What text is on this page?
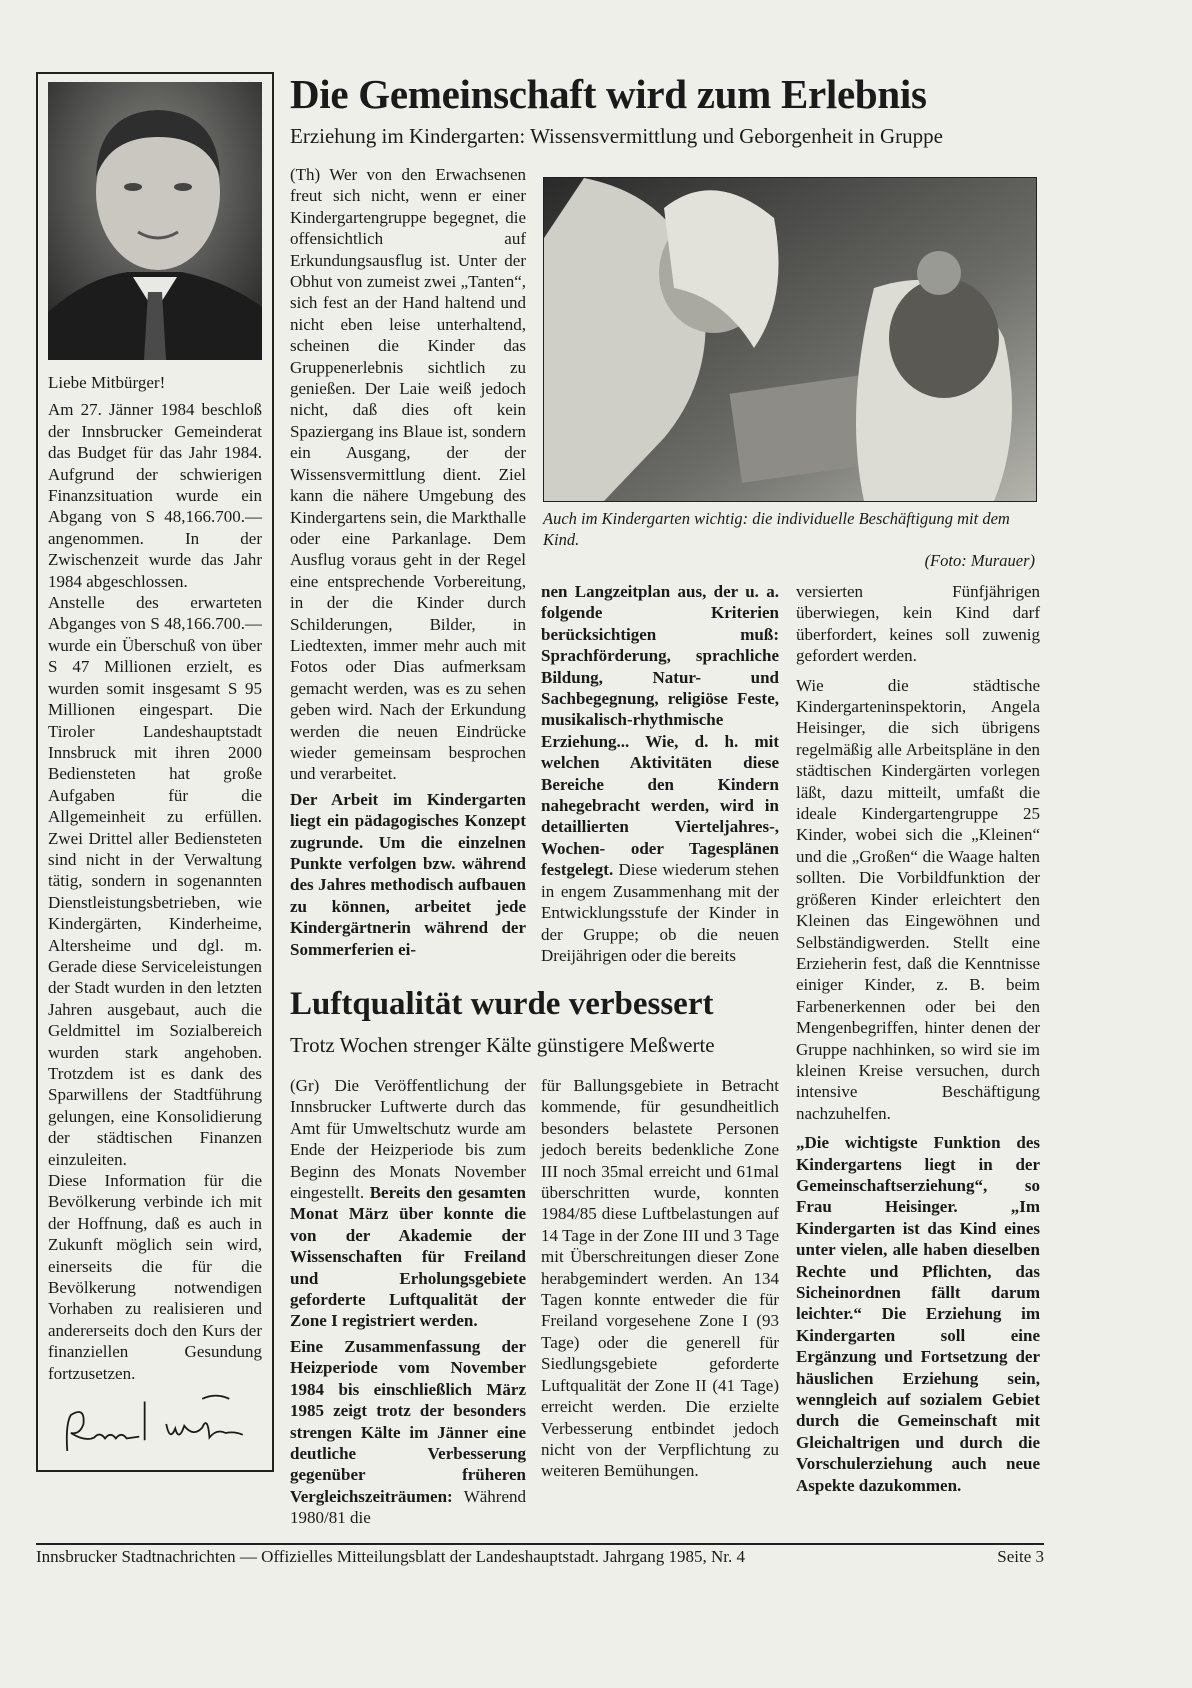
Liebe Mitbürger!

Am 27. Jänner 1984 beschloß der Innsbrucker Gemeinderat das Budget für das Jahr 1984. Aufgrund der schwierigen Finanzsituation wurde ein Abgang von S 48,166.700.— angenommen. In der Zwischenzeit wurde das Jahr 1984 abgeschlossen.

Anstelle des erwarteten Abganges von S 48,166.700.— wurde ein Überschuß von über S 47 Millionen erzielt, es wurden somit insgesamt S 95 Millionen eingespart. Die Tiroler Landeshauptstadt Innsbruck mit ihren 2000 Bediensteten hat große Aufgaben für die Allgemeinheit zu erfüllen. Zwei Drittel aller Bediensteten sind nicht in der Verwaltung tätig, sondern in sogenannten Dienstleistungsbetrieben, wie Kindergärten, Kinderheime, Altersheime und dgl. m. Gerade diese Serviceleistungen der Stadt wurden in den letzten Jahren ausgebaut, auch die Geldmittel im Sozialbereich wurden stark angehoben. Trotzdem ist es dank des Sparwillens der Stadtführung gelungen, eine Konsolidierung der städtischen Finanzen einzuleiten.

Diese Information für die Bevölkerung verbinde ich mit der Hoffnung, daß es auch in Zukunft möglich sein wird, einerseits die für die Bevölkerung notwendigen Vorhaben zu realisieren und andererseits doch den Kurs der finanziellen Gesundung fortzusetzen.

Die Gemeinschaft wird zum Erlebnis
Erziehung im Kindergarten: Wissensvermittlung und Geborgenheit in Gruppe

(Th) Wer von den Erwachsenen freut sich nicht, wenn er einer Kindergartengruppe begegnet, die offensichtlich auf Erkundungsausflug ist. Unter der Obhut von zumeist zwei „Tanten“, sich fest an der Hand haltend und nicht eben leise unterhaltend, scheinen die Kinder das Gruppenerlebnis sichtlich zu genießen. Der Laie weiß jedoch nicht, daß dies oft kein Spaziergang ins Blaue ist, sondern ein Ausgang, der der Wissensvermittlung dient. Ziel kann die nähere Umgebung des Kindergartens sein, die Markthalle oder eine Parkanlage. Dem Ausflug voraus geht in der Regel eine entsprechende Vorbereitung, in der die Kinder durch Schilderungen, Bilder, in Liedtexten, immer mehr auch mit Fotos oder Dias aufmerksam gemacht werden, was es zu sehen geben wird. Nach der Erkundung werden die neuen Eindrücke wieder gemeinsam besprochen und verarbeitet.

Der Arbeit im Kindergarten liegt ein pädagogisches Konzept zugrunde. Um die einzelnen Punkte verfolgen bzw. während des Jahres methodisch aufbauen zu können, arbeitet jede Kindergärtnerin während der Sommerferien ei-

Auch im Kindergarten wichtig: die individuelle Beschäftigung mit dem Kind.
(Foto: Murauer)

nen Langzeitplan aus, der u. a. folgende Kriterien berücksichtigen muß: Sprachförderung, sprachliche Bildung, Natur- und Sachbegegnung, religiöse Feste, musikalisch-rhythmische Erziehung... Wie, d. h. mit welchen Aktivitäten diese Bereiche den Kindern nahegebracht werden, wird in detaillierten Vierteljahres-, Wochen- oder Tagesplänen festgelegt. Diese wiederum stehen in engem Zusammenhang mit der Entwicklungsstufe der Kinder in der Gruppe; ob die neuen Dreijährigen oder die bereits

versierten Fünfjährigen überwiegen, kein Kind darf überfordert, keines soll zuwenig gefordert werden.

Wie die städtische Kindergarteninspektorin, Angela Heisinger, die sich übrigens regelmäßig alle Arbeitspläne in den städtischen Kindergärten vorlegen läßt, dazu mitteilt, umfaßt die ideale Kindergartengruppe 25 Kinder, wobei sich die „Kleinen“ und die „Großen“ die Waage halten sollten. Die Vorbildfunktion der größeren Kinder erleichtert den Kleinen das Eingewöhnen und Selbständigwerden. Stellt eine Erzieherin fest, daß die Kenntnisse einiger Kinder, z. B. beim Farbenerkennen oder bei den Mengenbegriffen, hinter denen der Gruppe nachhinken, so wird sie im kleinen Kreise versuchen, durch intensive Beschäftigung nachzuhelfen.

„Die wichtigste Funktion des Kindergartens liegt in der Gemeinschaftserziehung“, so Frau Heisinger. „Im Kindergarten ist das Kind eines unter vielen, alle haben dieselben Rechte und Pflichten, das Sicheinordnen fällt darum leichter.“ Die Erziehung im Kindergarten soll eine Ergänzung und Fortsetzung der häuslichen Erziehung sein, wenngleich auf sozialem Gebiet durch die Gemeinschaft mit Gleichaltrigen und durch die Vorschulerziehung auch neue Aspekte dazukommen.

Luftqualität wurde verbessert
Trotz Wochen strenger Kälte günstigere Meßwerte

(Gr) Die Veröffentlichung der Innsbrucker Luftwerte durch das Amt für Umweltschutz wurde am Ende der Heizperiode bis zum Beginn des Monats November eingestellt. Bereits den gesamten Monat März über konnte die von der Akademie der Wissenschaften für Freiland und Erholungsgebiete geforderte Luftqualität der Zone I registriert werden.

Eine Zusammenfassung der Heizperiode vom November 1984 bis einschließlich März 1985 zeigt trotz der besonders strengen Kälte im Jänner eine deutliche Verbesserung gegenüber früheren Vergleichszeiträumen: Während 1980/81 die

für Ballungsgebiete in Betracht kommende, für gesundheitlich besonders belastete Personen jedoch bereits bedenkliche Zone III noch 35mal erreicht und 61mal überschritten wurde, konnten 1984/85 diese Luftbelastungen auf 14 Tage in der Zone III und 3 Tage mit Überschreitungen dieser Zone herabgemindert werden. An 134 Tagen konnte entweder die für Freiland vorgesehene Zone I (93 Tage) oder die generell für Siedlungsgebiete geforderte Luftqualität der Zone II (41 Tage) erreicht werden. Die erzielte Verbesserung entbindet jedoch nicht von der Verpflichtung zu weiteren Bemühungen.

Innsbrucker Stadtnachrichten — Offizielles Mitteilungsblatt der Landeshauptstadt. Jahrgang 1985, Nr. 4	Seite 3
